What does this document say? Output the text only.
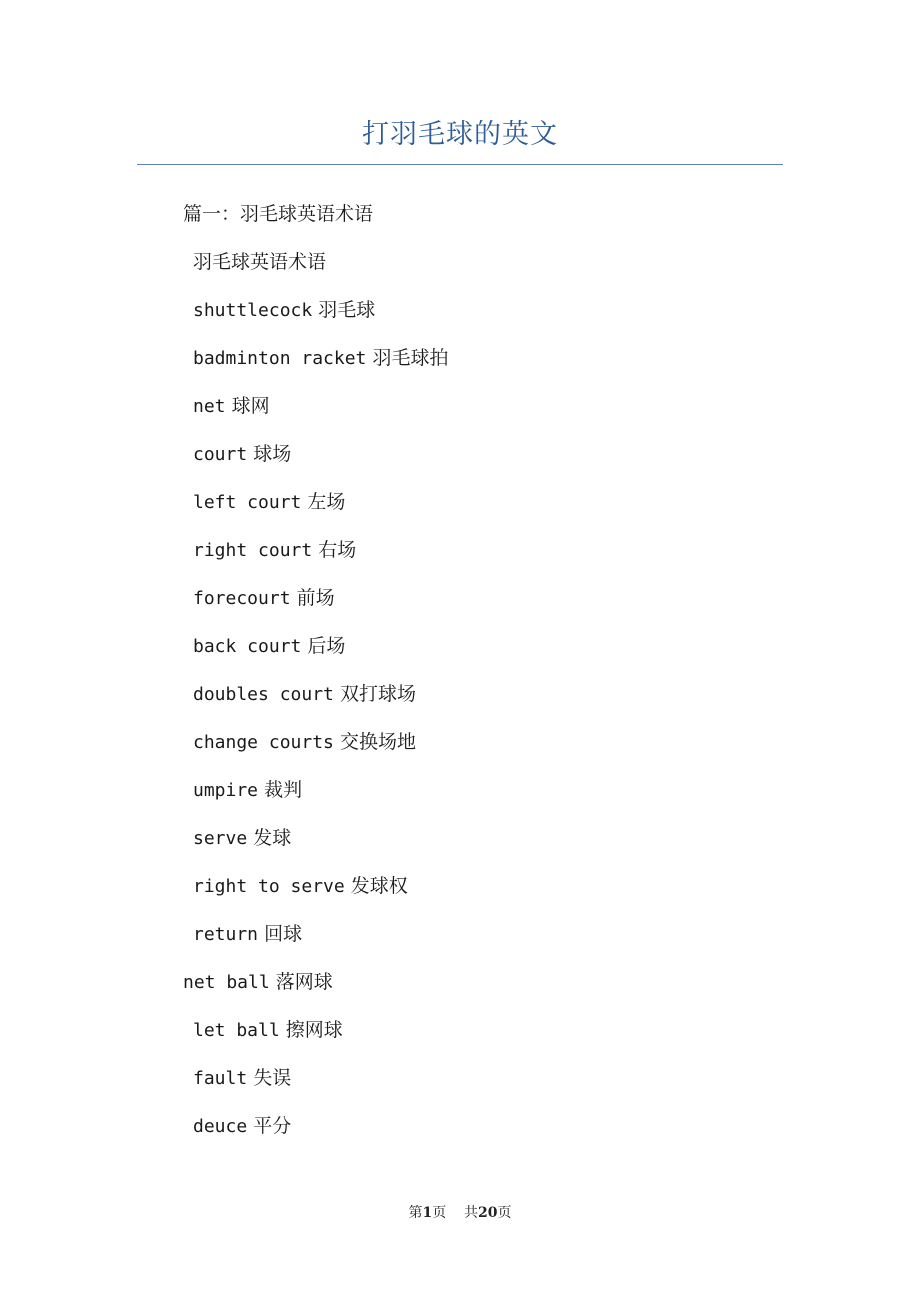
打羽毛球的英文
篇一：羽毛球英语术语
羽毛球英语术语
shuttlecock 羽毛球
badminton racket 羽毛球拍
net 球网
court 球场
left court 左场
right court 右场
forecourt 前场
back court 后场
doubles court 双打球场
change courts 交换场地
umpire 裁判
serve 发球
right to serve 发球权
return 回球
net ball 落网球
let ball 擦网球
fault 失误
deuce 平分
第1页 共20页
